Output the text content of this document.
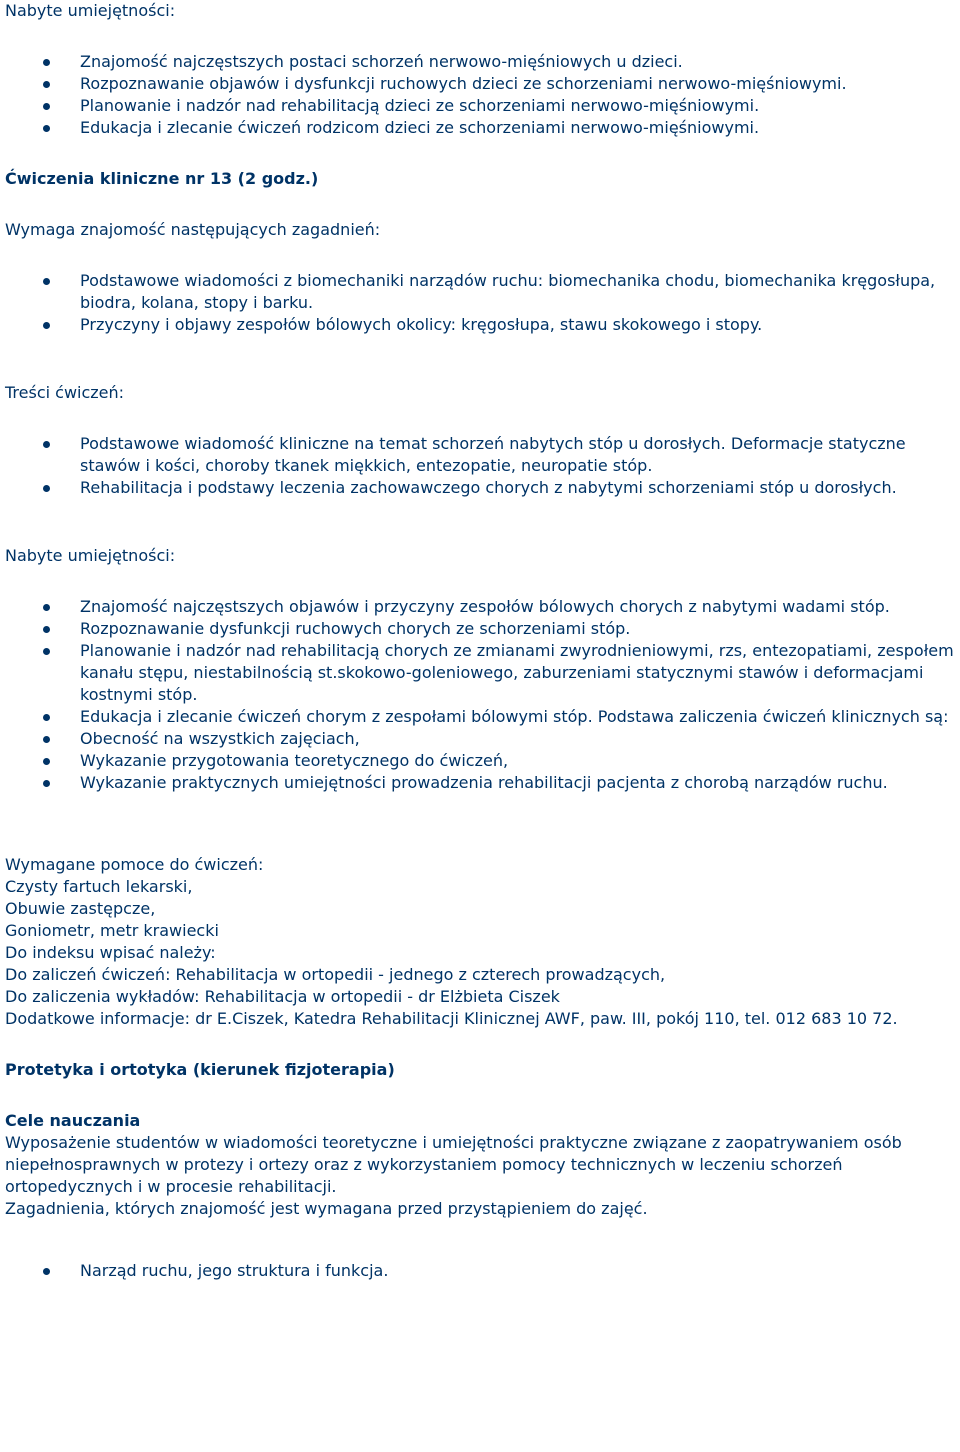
Nabyte umiejętności:

Znajomość najczęstszych postaci schorzeń nerwowo-mięśniowych u dzieci.
Rozpoznawanie objawów i dysfunkcji ruchowych dzieci ze schorzeniami nerwowo-mięśniowymi.
Planowanie i nadzór nad rehabilitacją dzieci ze schorzeniami nerwowo-mięśniowymi.
Edukacja i zlecanie ćwiczeń rodzicom dzieci ze schorzeniami nerwowo-mięśniowymi.

Ćwiczenia kliniczne nr 13 (2 godz.)

Wymaga znajomość następujących zagadnień:

Podstawowe wiadomości z biomechaniki narządów ruchu: biomechanika chodu, biomechanika kręgosłupa, biodra, kolana, stopy i barku.
Przyczyny i objawy zespołów bólowych okolicy: kręgosłupa, stawu skokowego i stopy.

Treści ćwiczeń:

Podstawowe wiadomość kliniczne na temat schorzeń nabytych stóp u dorosłych. Deformacje statyczne stawów i kości, choroby tkanek miękkich, entezopatie, neuropatie stóp.
Rehabilitacja i podstawy leczenia zachowawczego chorych z nabytymi schorzeniami stóp u dorosłych.

Nabyte umiejętności:

Znajomość najczęstszych objawów i przyczyny zespołów bólowych chorych z nabytymi wadami stóp.
Rozpoznawanie dysfunkcji ruchowych chorych ze schorzeniami stóp.
Planowanie i nadzór nad rehabilitacją chorych ze zmianami zwyrodnieniowymi, rzs, entezopatiami, zespołem kanału stępu, niestabilnością st.skokowo-goleniowego, zaburzeniami statycznymi stawów i deformacjami kostnymi stóp.
Edukacja i zlecanie ćwiczeń chorym z zespołami bólowymi stóp. Podstawa zaliczenia ćwiczeń klinicznych są:
Obecność na wszystkich zajęciach,
Wykazanie przygotowania teoretycznego do ćwiczeń,
Wykazanie praktycznych umiejętności prowadzenia rehabilitacji pacjenta z chorobą narządów ruchu.

Wymagane pomoce do ćwiczeń:

Czysty fartuch lekarski,

Obuwie zastępcze,

Goniometr, metr krawiecki

Do indeksu wpisać należy:

Do zaliczeń ćwiczeń: Rehabilitacja w ortopedii - jednego z czterech prowadzących,

Do zaliczenia wykładów: Rehabilitacja w ortopedii - dr Elżbieta Ciszek

Dodatkowe informacje: dr E.Ciszek, Katedra Rehabilitacji Klinicznej AWF, paw. III, pokój 110, tel. 012 683 10 72.

Protetyka i ortotyka (kierunek fizjoterapia)

Cele nauczania

Wyposażenie studentów w wiadomości teoretyczne i umiejętności praktyczne związane z zaopatrywaniem osób niepełnosprawnych w protezy i ortezy oraz z wykorzystaniem pomocy technicznych w leczeniu schorzeń ortopedycznych i w procesie rehabilitacji.

Zagadnienia, których znajomość jest wymagana przed przystąpieniem do zajęć.

Narząd ruchu, jego struktura i funkcja.
